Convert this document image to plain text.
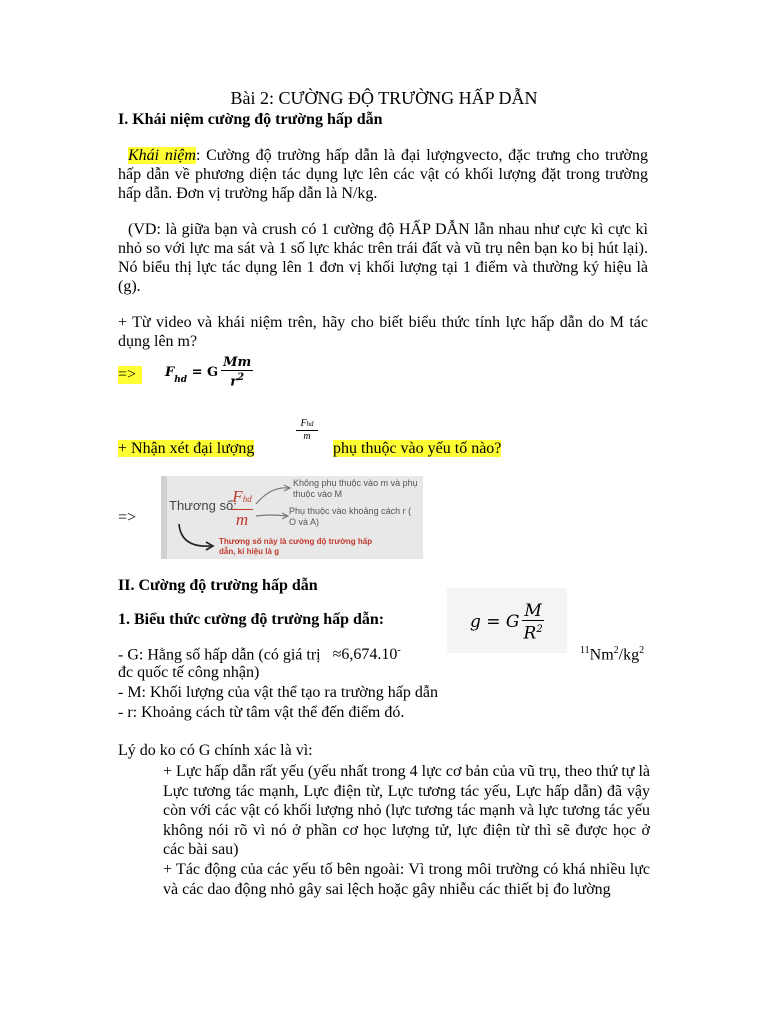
Bài 2: CƯỜNG ĐỘ TRƯỜNG HẤP DẪN
I. Khái niệm cường độ trường hấp dẫn
Khái niệm: Cường độ trường hấp dẫn là đại lượngvecto, đặc trưng cho trường hấp dẫn về phương diện tác dụng lực lên các vật có khối lượng đặt trong trường hấp dẫn. Đơn vị trường hấp dẫn là N/kg.
(VD: là giữa bạn và crush có 1 cường độ HẤP DẪN lẫn nhau như cực kì cực kì nhỏ so với lực ma sát và 1 số lực khác trên trái đất và vũ trụ nên bạn ko bị hút lại). Nó biểu thị lực tác dụng lên 1 đơn vị khối lượng tại 1 điểm và thường ký hiệu là (g).
+ Từ video và khái niệm trên, hãy cho biết biểu thức tính lực hấp dẫn do M tác dụng lên m?
=>	F
hd
= G $\frac{Mm}{r^2}$
+ Nhận xét đại lượng
Fhd
m
phụ thuộc vào yếu tố nào?
=>
Thương số:
Fhd
m
Không phụ thuộc vào m và phụ thuộc vào M
Phụ thuộc vào khoảng cách r ( O và A)
Thương số này là cường độ trường hấp dẫn, kí hiệu là g
II. Cường độ trường hấp dẫn
1. Biểu thức cường độ trường hấp dẫn:	g = G $\frac{M}{R^2}$
- G: Hằng số hấp dẫn (có giá trị ≈6,674.10-	$^{11}Nm^2/kg^2$
đc quốc tế công nhận)
- M: Khối lượng của vật thể tạo ra trường hấp dẫn
- r: Khoảng cách từ tâm vật thể đến điểm đó.
Lý do ko có G chính xác là vì:
+ Lực hấp dẫn rất yếu (yếu nhất trong 4 lực cơ bản của vũ trụ, theo thứ tự là Lực tương tác mạnh, Lực điện từ, Lực tương tác yếu, Lực hấp dẫn) đã vậy còn với các vật có khối lượng nhỏ (lực tương tác mạnh và lực tương tác yếu không nói rõ vì nó ở phần cơ học lượng tử, lực điện từ thì sẽ được học ở các bài sau)
+ Tác động của các yếu tố bên ngoài: Vì trong môi trường có khá nhiều lực và các dao động nhỏ gây sai lệch hoặc gây nhiễu các thiết bị đo lường
